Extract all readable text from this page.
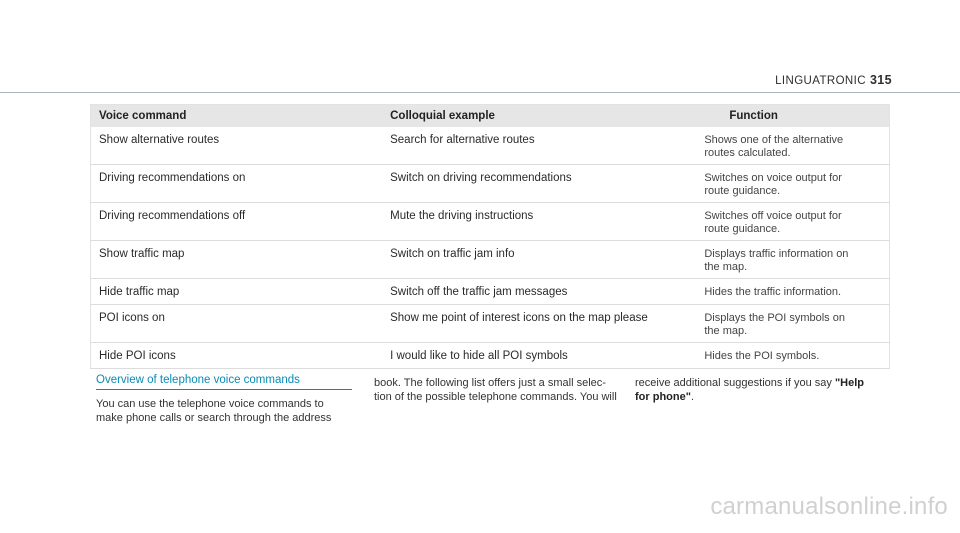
LINGUATRONIC 315
Voice command	Colloquial example	Function
Show alternative routes	Search for alternative routes	Shows one of the alternative
routes calculated.
Driving recommendations on	Switch on driving recommendations	Switches on voice output for
route guidance.
Driving recommendations off	Mute the driving instructions	Switches off voice output for
route guidance.
Show traffic map	Switch on traffic jam info	Displays traffic information on
the map.
Hide traffic map	Switch off the traffic jam messages	Hides the traffic information.
POI icons on	Show me point of interest icons on the map please	Displays the POI symbols on
the map.
Hide POI icons	I would like to hide all POI symbols	Hides the POI symbols.
Overview of telephone voice commands
You can use the telephone voice commands to
make phone calls or search through the address
book. The following list offers just a small selec-
tion of the possible telephone commands. You will
receive additional suggestions if you say "Help
for phone".
carmanualsonline.info
